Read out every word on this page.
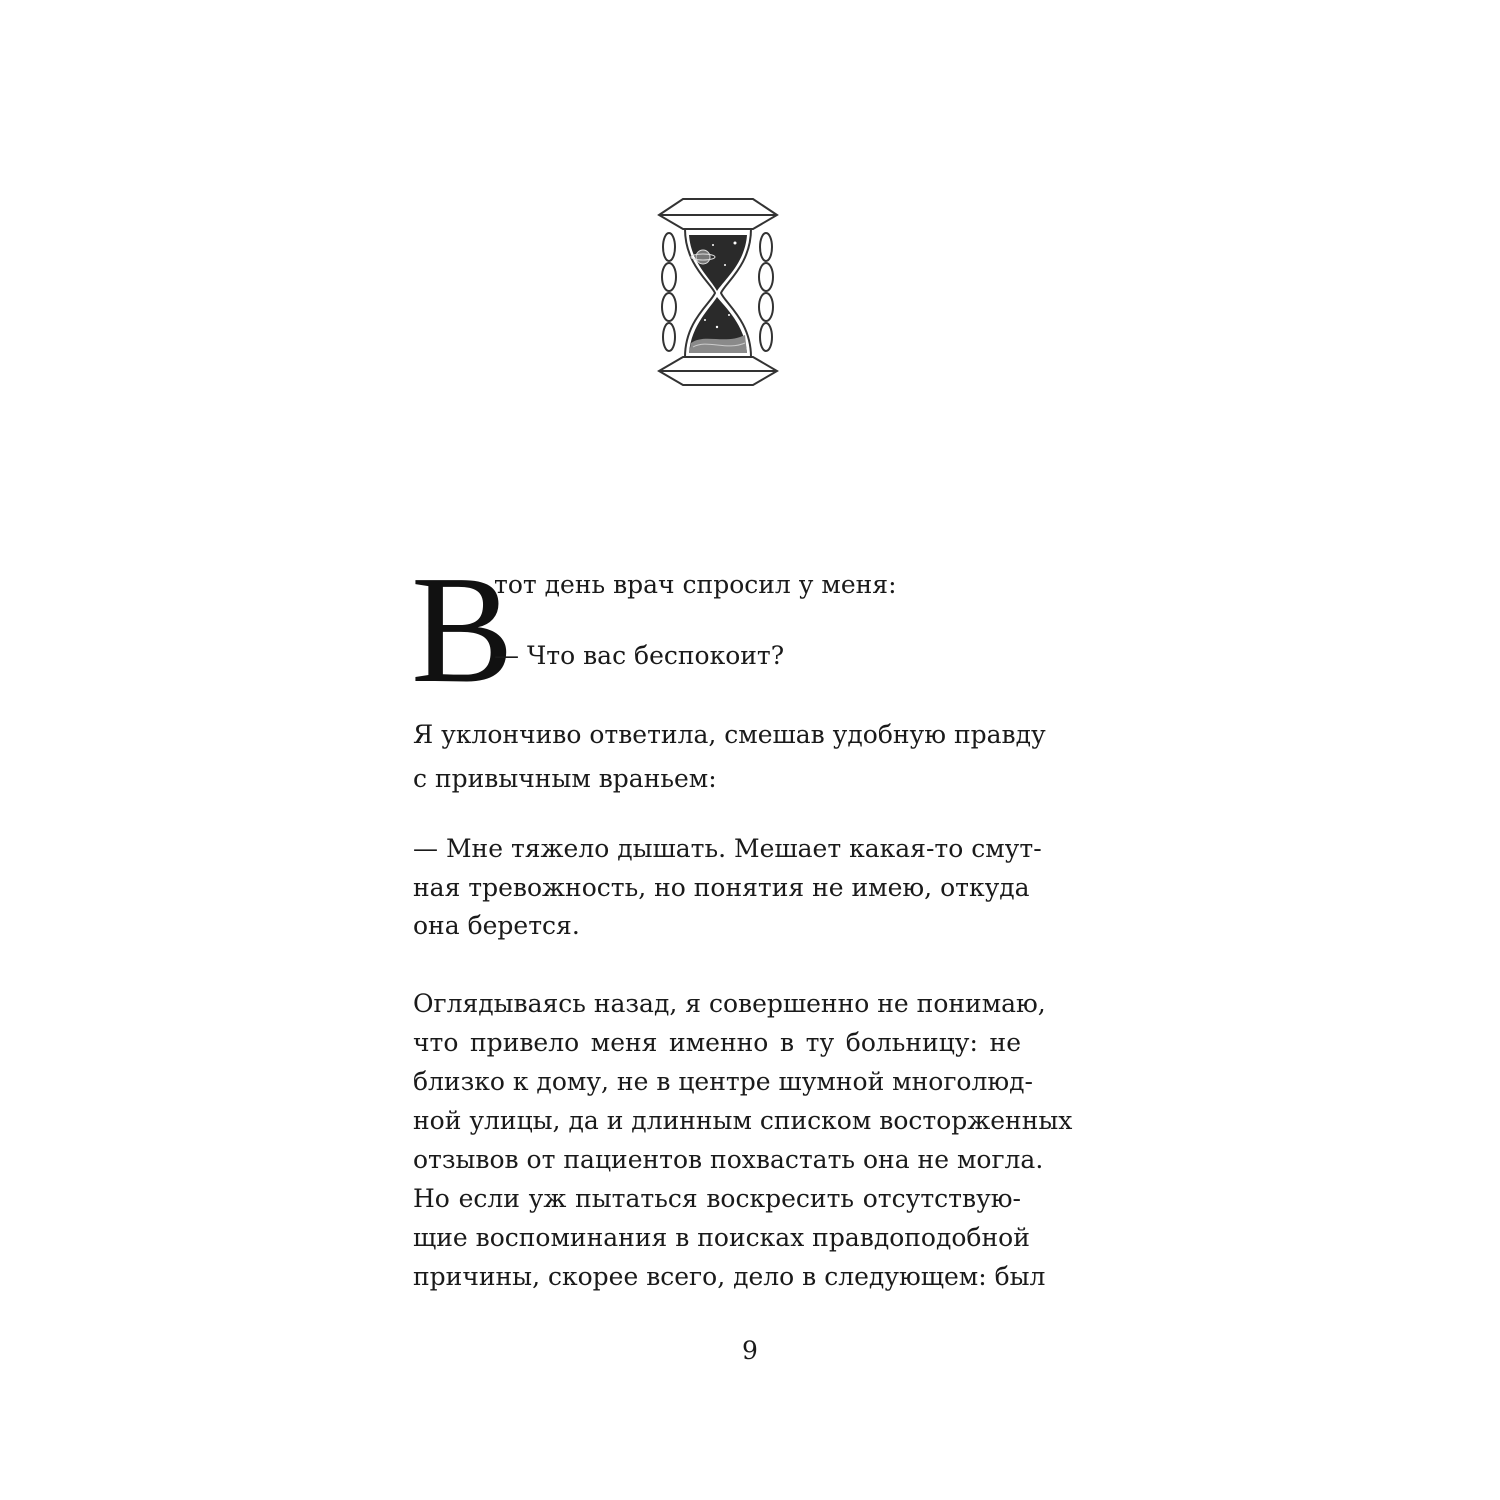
В
тот день врач спросил у меня:
— Что вас беспокоит?
Я уклончиво ответила, смешав удобную правду
с привычным враньем:
— Мне тяжело дышать. Мешает какая-то смут-
ная тревожность, но понятия не имею, откуда
она берется.
Оглядываясь назад, я совершенно не понимаю,
что привело меня именно в ту больницу: не
близко к дому, не в центре шумной многолюд-
ной улицы, да и длинным списком восторженных
отзывов от пациентов похвастать она не могла.
Но если уж пытаться воскресить отсутствую-
щие воспоминания в поисках правдоподобной
причины, скорее всего, дело в следующем: был
9
